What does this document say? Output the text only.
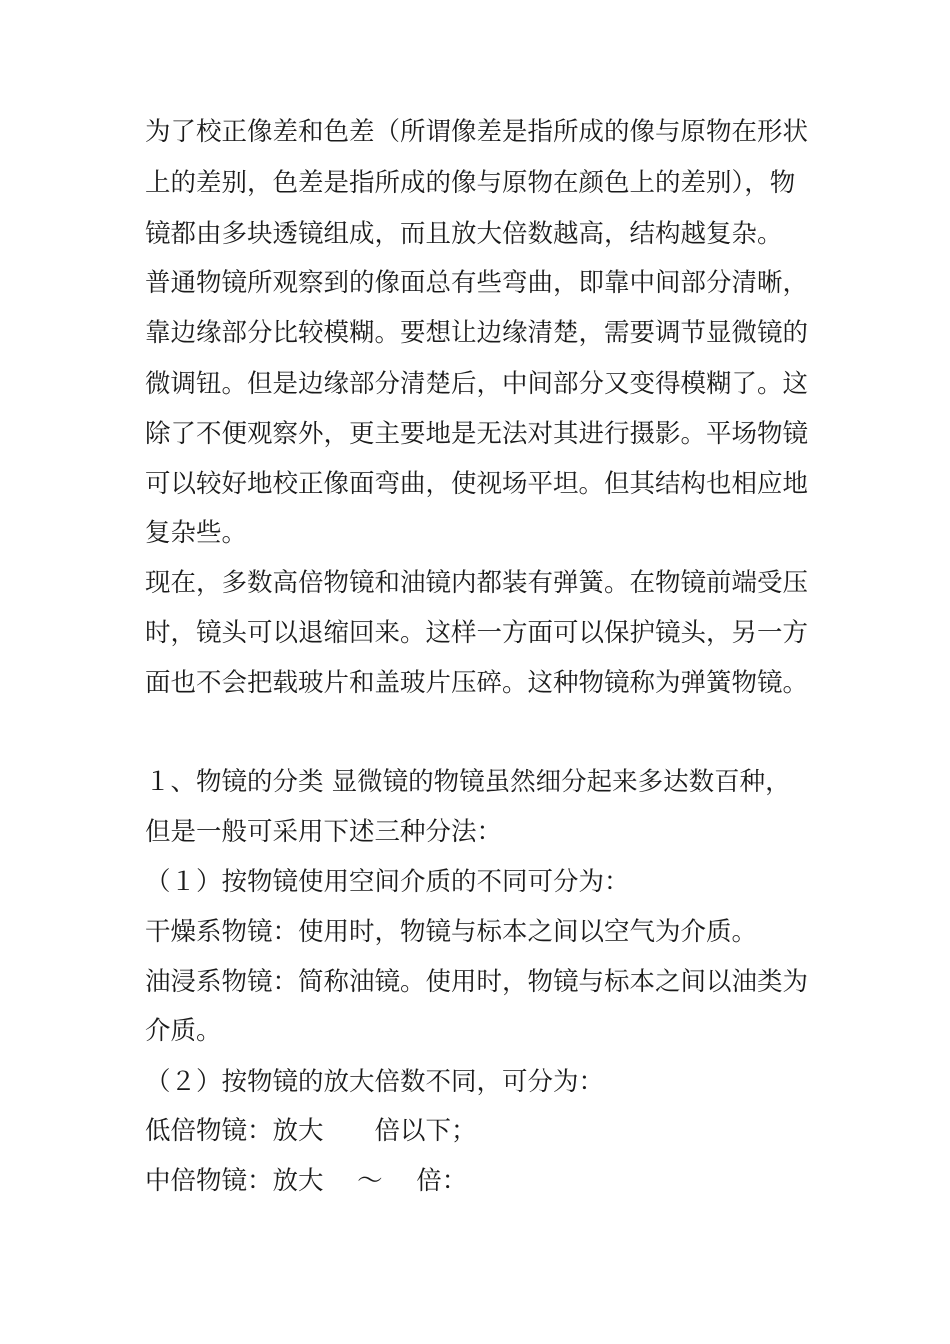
为了校正像差和色差（所谓像差是指所成的像与原物在形状
上的差别，色差是指所成的像与原物在颜色上的差别），物
镜都由多块透镜组成，而且放大倍数越高，结构越复杂。
普通物镜所观察到的像面总有些弯曲，即靠中间部分清晰，
靠边缘部分比较模糊。要想让边缘清楚，需要调节显微镜的
微调钮。但是边缘部分清楚后，中间部分又变得模糊了。这
除了不便观察外，更主要地是无法对其进行摄影。平场物镜
可以较好地校正像面弯曲，使视场平坦。但其结构也相应地
复杂些。
现在，多数高倍物镜和油镜内都装有弹簧。在物镜前端受压
时，镜头可以退缩回来。这样一方面可以保护镜头，另一方
面也不会把载玻片和盖玻片压碎。这种物镜称为弹簧物镜。
１、物镜的分类 显微镜的物镜虽然细分起来多达数百种，
但是一般可采用下述三种分法：
（１）按物镜使用空间介质的不同可分为：
干燥系物镜：使用时，物镜与标本之间以空气为介质。
油浸系物镜：简称油镜。使用时，物镜与标本之间以油类为
介质。
（２）按物镜的放大倍数不同，可分为：
低倍物镜：放大　　倍以下；
中倍物镜：放大　 ～　 倍：
